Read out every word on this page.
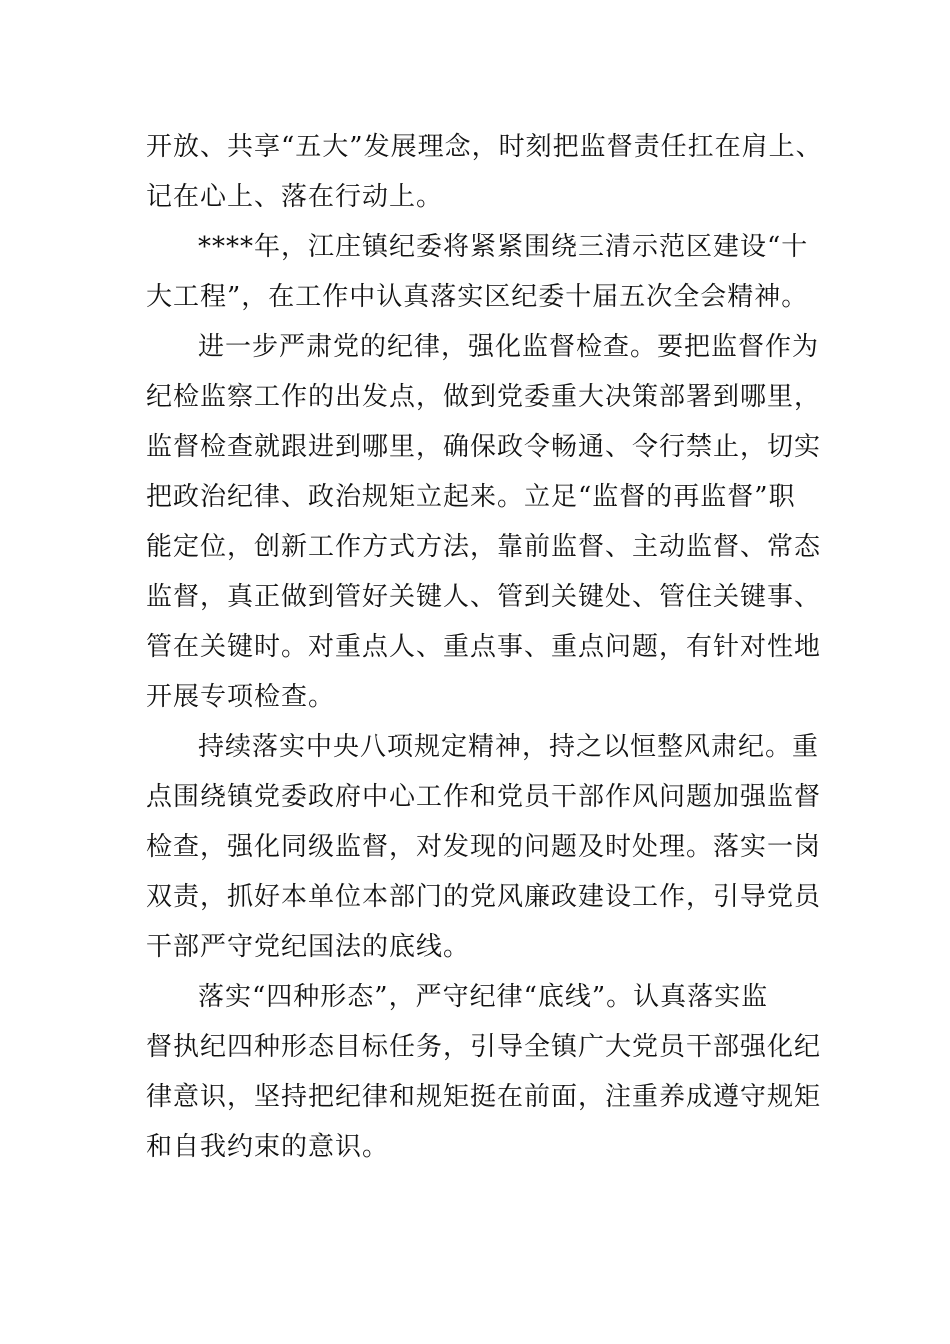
开放、共享“五大”发展理念，时刻把监督责任扛在肩上、
记在心上、落在行动上。
****年，江庄镇纪委将紧紧围绕三清示范区建设“十
大工程”，在工作中认真落实区纪委十届五次全会精神。
进一步严肃党的纪律，强化监督检查。要把监督作为
纪检监察工作的出发点，做到党委重大决策部署到哪里，
监督检查就跟进到哪里，确保政令畅通、令行禁止，切实
把政治纪律、政治规矩立起来。立足“监督的再监督”职
能定位，创新工作方式方法，靠前监督、主动监督、常态
监督，真正做到管好关键人、管到关键处、管住关键事、
管在关键时。对重点人、重点事、重点问题，有针对性地
开展专项检查。
持续落实中央八项规定精神，持之以恒整风肃纪。重
点围绕镇党委政府中心工作和党员干部作风问题加强监督
检查，强化同级监督，对发现的问题及时处理。落实一岗
双责，抓好本单位本部门的党风廉政建设工作，引导党员
干部严守党纪国法的底线。
落实“四种形态”，严守纪律“底线”。认真落实监
督执纪四种形态目标任务，引导全镇广大党员干部强化纪
律意识，坚持把纪律和规矩挺在前面，注重养成遵守规矩
和自我约束的意识。
